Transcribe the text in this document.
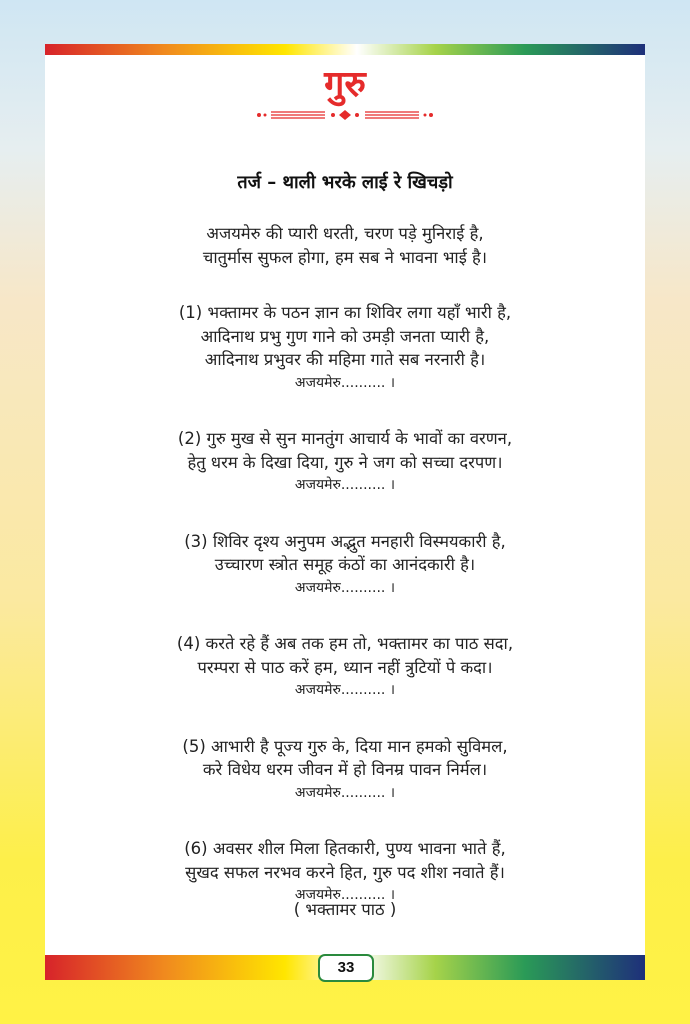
गुरु
तर्ज – थाली भरके लाई रे खिचड़ो
अजयमेरु की प्यारी धरती, चरण पड़े मुनिराई है,
चातुर्मास सुफल होगा, हम सब ने भावना भाई है।
(1) भक्तामर के पठन ज्ञान का शिविर लगा यहाँ भारी है,
आदिनाथ प्रभु गुण गाने को उमड़ी जनता प्यारी है,
आदिनाथ प्रभुवर की महिमा गाते सब नरनारी है।
अजयमेरु.......... ।
(2) गुरु मुख से सुन मानतुंग आचार्य के भावों का वरणन,
हेतु धरम के दिखा दिया, गुरु ने जग को सच्चा दरपण।
अजयमेरु.......... ।
(3) शिविर दृश्य अनुपम अद्भुत मनहारी विस्मयकारी है,
उच्चारण स्त्रोत समूह कंठों का आनंदकारी है।
अजयमेरु.......... ।
(4) करते रहे हैं अब तक हम तो, भक्तामर का पाठ सदा,
परम्परा से पाठ करें हम, ध्यान नहीं त्रुटियों पे कदा।
अजयमेरु.......... ।
(5) आभारी है पूज्य गुरु के, दिया मान हमको सुविमल,
करे विधेय धरम जीवन में हो विनम्र पावन निर्मल।
अजयमेरु.......... ।
(6) अवसर शील मिला हितकारी, पुण्य भावना भाते हैं,
सुखद सफल नरभव करने हित, गुरु पद शीश नवाते हैं।
अजयमेरु.......... ।
( भक्तामर पाठ )
33
